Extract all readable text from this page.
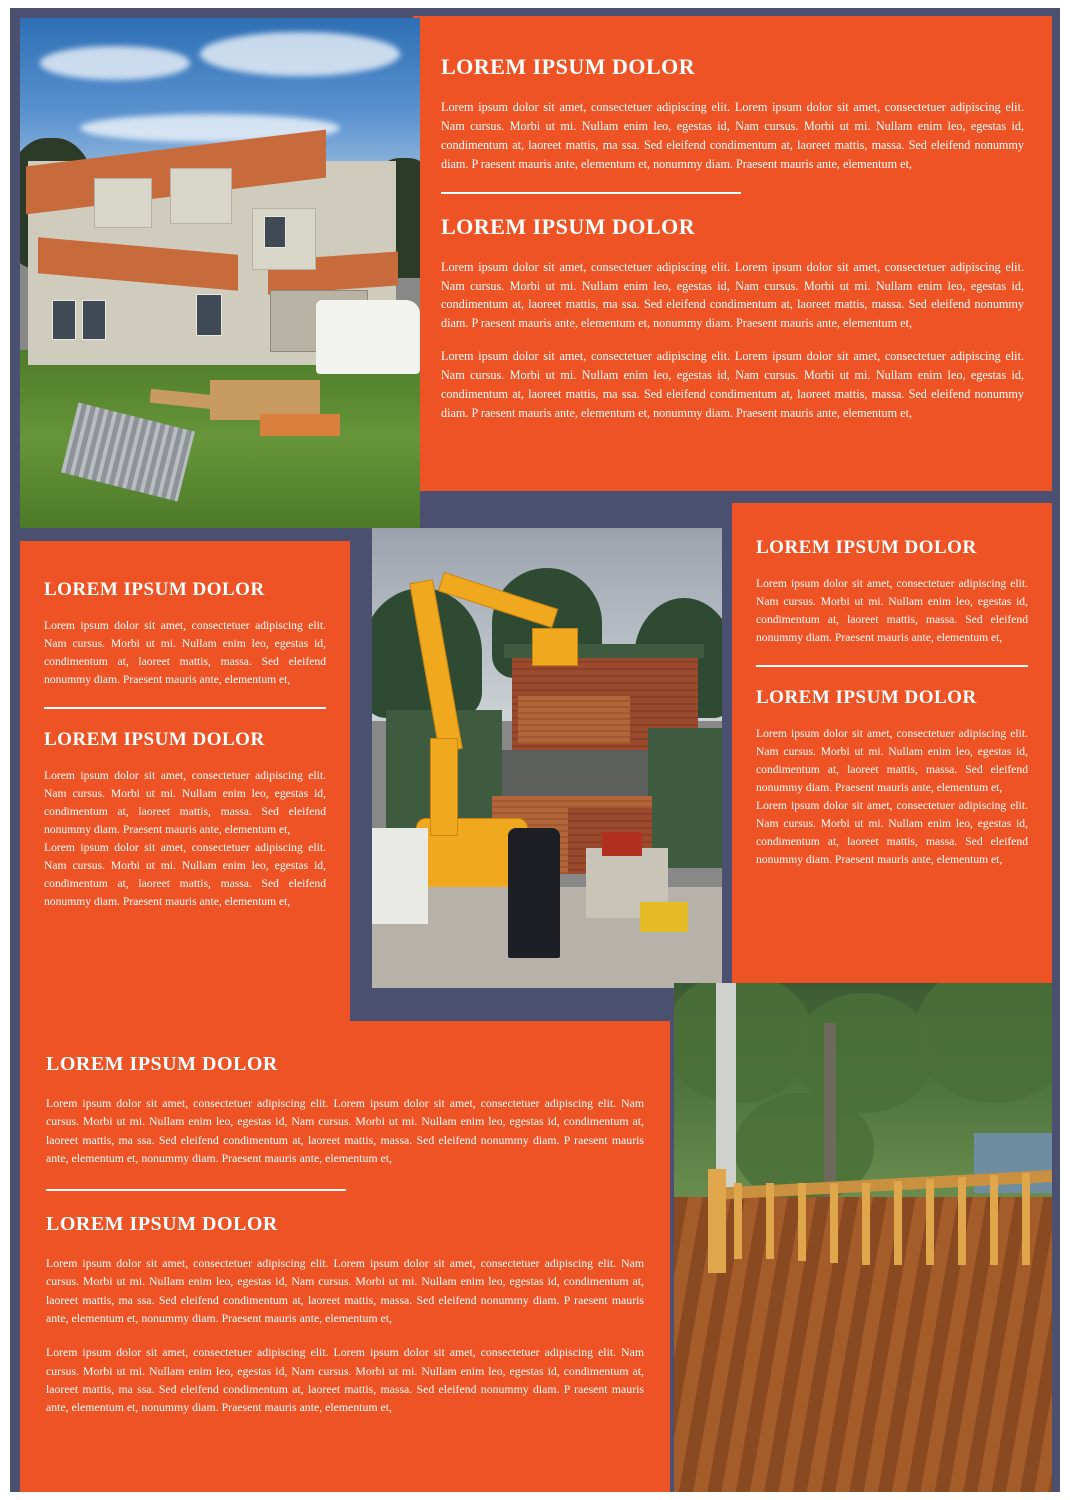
LOREM IPSUM DOLOR
Lorem ipsum dolor sit amet, consectetuer adipiscing elit. Lorem ipsum dolor sit amet, consectetuer adipiscing elit. Nam cursus. Morbi ut mi. Nullam enim leo, egestas id, Nam cursus. Morbi ut mi. Nullam enim leo, egestas id, condimentum at, laoreet mattis, ma ssa. Sed eleifend condimentum at, laoreet mattis, massa. Sed eleifend nonummy diam. P raesent mauris ante, elementum et, nonummy diam. Praesent mauris ante, elementum et,
LOREM IPSUM DOLOR
Lorem ipsum dolor sit amet, consectetuer adipiscing elit. Lorem ipsum dolor sit amet, consectetuer adipiscing elit. Nam cursus. Morbi ut mi. Nullam enim leo, egestas id, Nam cursus. Morbi ut mi. Nullam enim leo, egestas id, condimentum at, laoreet mattis, ma ssa. Sed eleifend condimentum at, laoreet mattis, massa. Sed eleifend nonummy diam. P raesent mauris ante, elementum et, nonummy diam. Praesent mauris ante, elementum et,
Lorem ipsum dolor sit amet, consectetuer adipiscing elit. Lorem ipsum dolor sit amet, consectetuer adipiscing elit. Nam cursus. Morbi ut mi. Nullam enim leo, egestas id, Nam cursus. Morbi ut mi. Nullam enim leo, egestas id, condimentum at, laoreet mattis, ma ssa. Sed eleifend condimentum at, laoreet mattis, massa. Sed eleifend nonummy diam. P raesent mauris ante, elementum et, nonummy diam. Praesent mauris ante, elementum et,
LOREM IPSUM DOLOR
Lorem ipsum dolor sit amet, consectetuer adipiscing elit. Nam cursus. Morbi ut mi. Nullam enim leo, egestas id, condimentum at, laoreet mattis, massa. Sed eleifend nonummy diam. Praesent mauris ante, elementum et,
LOREM IPSUM DOLOR
Lorem ipsum dolor sit amet, consectetuer adipiscing elit. Nam cursus. Morbi ut mi. Nullam enim leo, egestas id, condimentum at, laoreet mattis, massa. Sed eleifend nonummy diam. Praesent mauris ante, elementum et,
Lorem ipsum dolor sit amet, consectetuer adipiscing elit. Nam cursus. Morbi ut mi. Nullam enim leo, egestas id, condimentum at, laoreet mattis, massa. Sed eleifend nonummy diam. Praesent mauris ante, elementum et,
LOREM IPSUM DOLOR
Lorem ipsum dolor sit amet, consectetuer adipiscing elit. Nam cursus. Morbi ut mi. Nullam enim leo, egestas id, condimentum at, laoreet mattis, massa. Sed eleifend nonummy diam. Praesent mauris ante, elementum et,
LOREM IPSUM DOLOR
Lorem ipsum dolor sit amet, consectetuer adipiscing elit. Nam cursus. Morbi ut mi. Nullam enim leo, egestas id, condimentum at, laoreet mattis, massa. Sed eleifend nonummy diam. Praesent mauris ante, elementum et,
Lorem ipsum dolor sit amet, consectetuer adipiscing elit. Nam cursus. Morbi ut mi. Nullam enim leo, egestas id, condimentum at, laoreet mattis, massa. Sed eleifend nonummy diam. Praesent mauris ante, elementum et,
LOREM IPSUM DOLOR
Lorem ipsum dolor sit amet, consectetuer adipiscing elit. Lorem ipsum dolor sit amet, consectetuer adipiscing elit. Nam cursus. Morbi ut mi. Nullam enim leo, egestas id, Nam cursus. Morbi ut mi. Nullam enim leo, egestas id, condimentum at, laoreet mattis, ma ssa. Sed eleifend condimentum at, laoreet mattis, massa. Sed eleifend nonummy diam. P raesent mauris ante, elementum et, nonummy diam. Praesent mauris ante, elementum et,
LOREM IPSUM DOLOR
Lorem ipsum dolor sit amet, consectetuer adipiscing elit. Lorem ipsum dolor sit amet, consectetuer adipiscing elit. Nam cursus. Morbi ut mi. Nullam enim leo, egestas id, Nam cursus. Morbi ut mi. Nullam enim leo, egestas id, condimentum at, laoreet mattis, ma ssa. Sed eleifend condimentum at, laoreet mattis, massa. Sed eleifend nonummy diam. P raesent mauris ante, elementum et, nonummy diam. Praesent mauris ante, elementum et,
Lorem ipsum dolor sit amet, consectetuer adipiscing elit. Lorem ipsum dolor sit amet, consectetuer adipiscing elit. Nam cursus. Morbi ut mi. Nullam enim leo, egestas id, Nam cursus. Morbi ut mi. Nullam enim leo, egestas id, condimentum at, laoreet mattis, ma ssa. Sed eleifend condimentum at, laoreet mattis, massa. Sed eleifend nonummy diam. P raesent mauris ante, elementum et, nonummy diam. Praesent mauris ante, elementum et,
